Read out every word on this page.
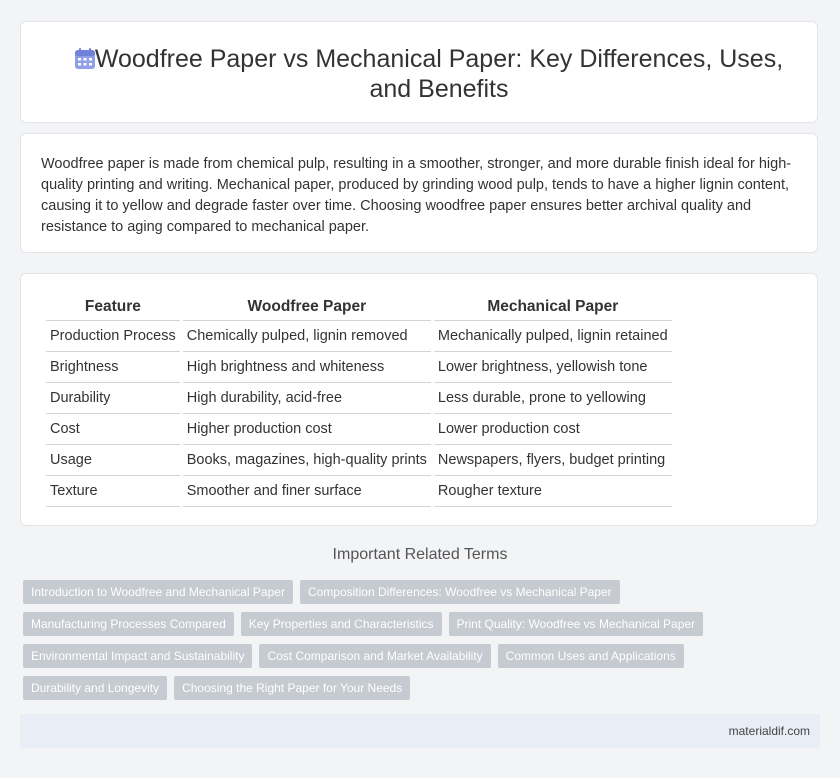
Woodfree Paper vs Mechanical Paper: Key Differences, Uses, and Benefits

Woodfree paper is made from chemical pulp, resulting in a smoother, stronger, and more durable finish ideal for high-quality printing and writing. Mechanical paper, produced by grinding wood pulp, tends to have a higher lignin content, causing it to yellow and degrade faster over time. Choosing woodfree paper ensures better archival quality and resistance to aging compared to mechanical paper.

Feature	Woodfree Paper	Mechanical Paper
Production Process	Chemically pulped, lignin removed	Mechanically pulped, lignin retained
Brightness	High brightness and whiteness	Lower brightness, yellowish tone
Durability	High durability, acid-free	Less durable, prone to yellowing
Cost	Higher production cost	Lower production cost
Usage	Books, magazines, high-quality prints	Newspapers, flyers, budget printing
Texture	Smoother and finer surface	Rougher texture
Important Related Terms
Introduction to Woodfree and Mechanical Paper	Composition Differences: Woodfree vs Mechanical Paper
Manufacturing Processes Compared	Key Properties and Characteristics	Print Quality: Woodfree vs Mechanical Paper
Environmental Impact and Sustainability	Cost Comparison and Market Availability	Common Uses and Applications
Durability and Longevity	Choosing the Right Paper for Your Needs
materialdif.com
